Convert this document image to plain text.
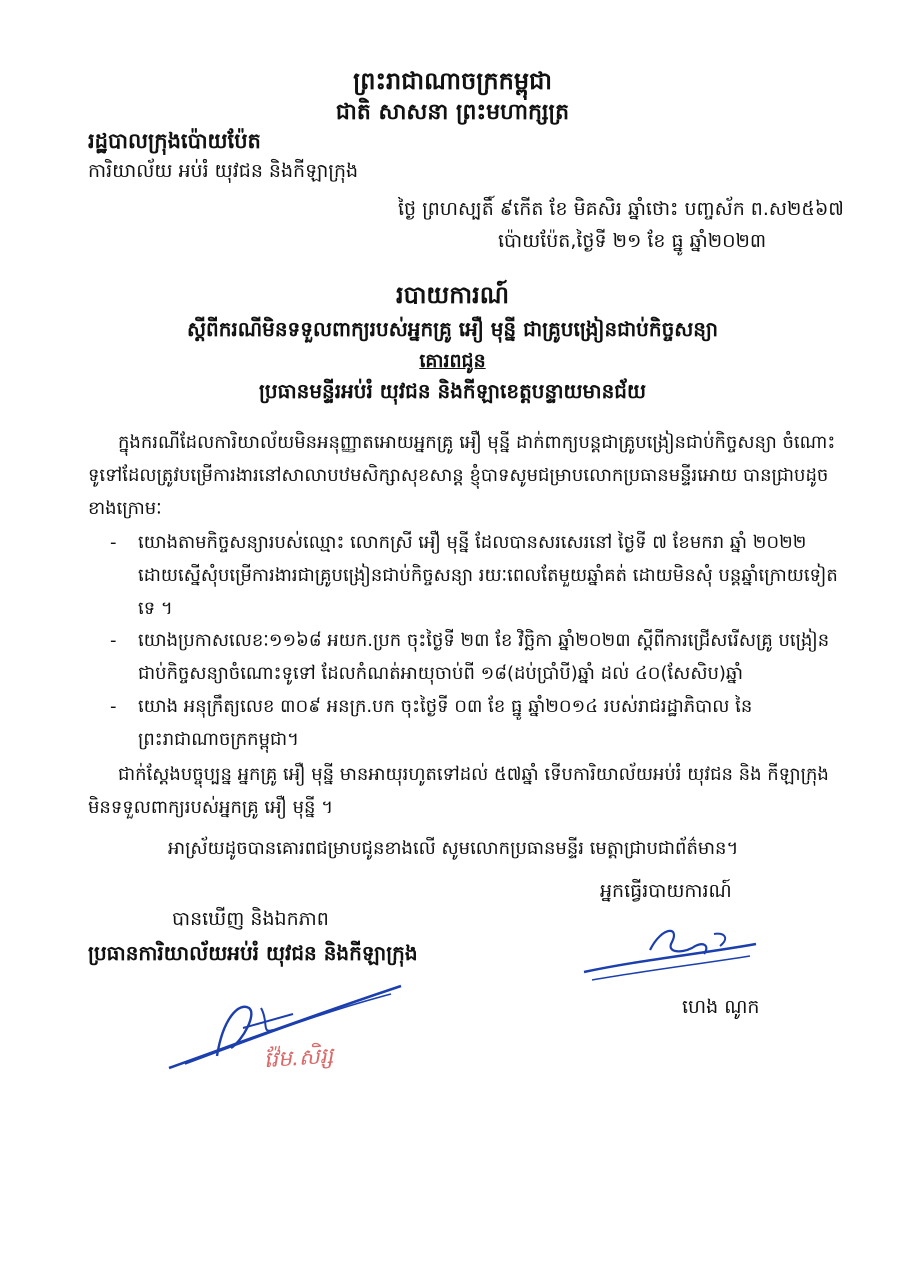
ព្រះរាជាណាចក្រកម្ពុជា
ជាតិ សាសនា ព្រះមហាក្សត្រ
រដ្ឋបាលក្រុងប៉ោយប៉ែត
ការិយាល័យ អប់រំ យុវជន និងកីឡាក្រុង
ថ្ងៃ ព្រហស្បតិ៍ ៩កើត ខែ មិគសិរ ឆ្នាំថោះ បញ្ចស័ក ព.ស២៥៦៧
ប៉ោយប៉ែត,ថ្ងៃទី ២១ ខែ ធ្នូ ឆ្នាំ២០២៣
របាយការណ៍
ស្តីពីករណីមិនទទួលពាក្យរបស់អ្នកគ្រូ អឿ មុន្នី ជាគ្រូបង្រៀនជាប់កិច្ចសន្យា
គោរពជូន
ប្រធានមន្ទីរអប់រំ យុវជន និងកីឡាខេត្តបន្ទាយមានជ័យ
ក្នុងករណីដែលការិយាល័យមិនអនុញ្ញាតអោយអ្នកគ្រូ អឿ មុន្នី ដាក់ពាក្យបន្តជាគ្រូបង្រៀនជាប់កិច្ចសន្យា ចំណោះទូទៅដែលត្រូវបម្រើការងារនៅសាលាបឋមសិក្សាសុខសាន្ត ខ្ញុំបាទសូមជម្រាបលោកប្រធានមន្ទីរអោយ បានជ្រាបដូចខាងក្រោមៈ
- យោងតាមកិច្ចសន្យារបស់ឈ្មោះ លោកស្រី អឿ មុន្នី ដែលបានសរសេរនៅ ថ្ងៃទី ៧ ខែមករា ឆ្នាំ ២០២២ ដោយស្នើសុំបម្រើការងារជាគ្រូបង្រៀនជាប់កិច្ចសន្យា រយៈពេលតែមួយឆ្នាំគត់ ដោយមិនសុំ បន្តឆ្នាំក្រោយទៀតទេ ។
- យោងប្រកាសលេខៈ១១៦៨ អយក.ប្រក ចុះថ្ងៃទី ២៣ ខែ វិច្ឆិកា ឆ្នាំ២០២៣ ស្តីពីការជ្រើសរើសគ្រូ បង្រៀនជាប់កិច្ចសន្យាចំណោះទូទៅ ដែលកំណត់អាយុចាប់ពី ១៨(ដប់ប្រាំបី)ឆ្នាំ ដល់ ៤០(សែសិប)ឆ្នាំ
- យោង អនុក្រឹត្យលេខ ៣០៩ អនក្រ.បក ចុះថ្ងៃទី ០៣ ខែ ធ្នូ ឆ្នាំ២០១៤ របស់រាជរដ្ឋាភិបាល នៃ ព្រះរាជាណាចក្រកម្ពុជា។
ជាក់ស្តែងបច្ចុប្បន្ន អ្នកគ្រូ អឿ មុន្នី មានអាយុរហូតទៅដល់ ៥៧ឆ្នាំ ទើបការិយាល័យអប់រំ យុវជន និង កីឡាក្រុង មិនទទួលពាក្យរបស់អ្នកគ្រូ អឿ មុន្នី ។
អាស្រ័យដូចបានគោរពជម្រាបជូនខាងលើ សូមលោកប្រធានមន្ទីរ មេត្តាជ្រាបជាព័ត៌មាន។
អ្នកធ្វើរបាយការណ៍
បានឃើញ និងឯកភាព
ប្រធានការិយាល័យអប់រំ យុវជន និងកីឡាក្រុង
ហេង ណូក
វ៉ែម.សិរ្ស
